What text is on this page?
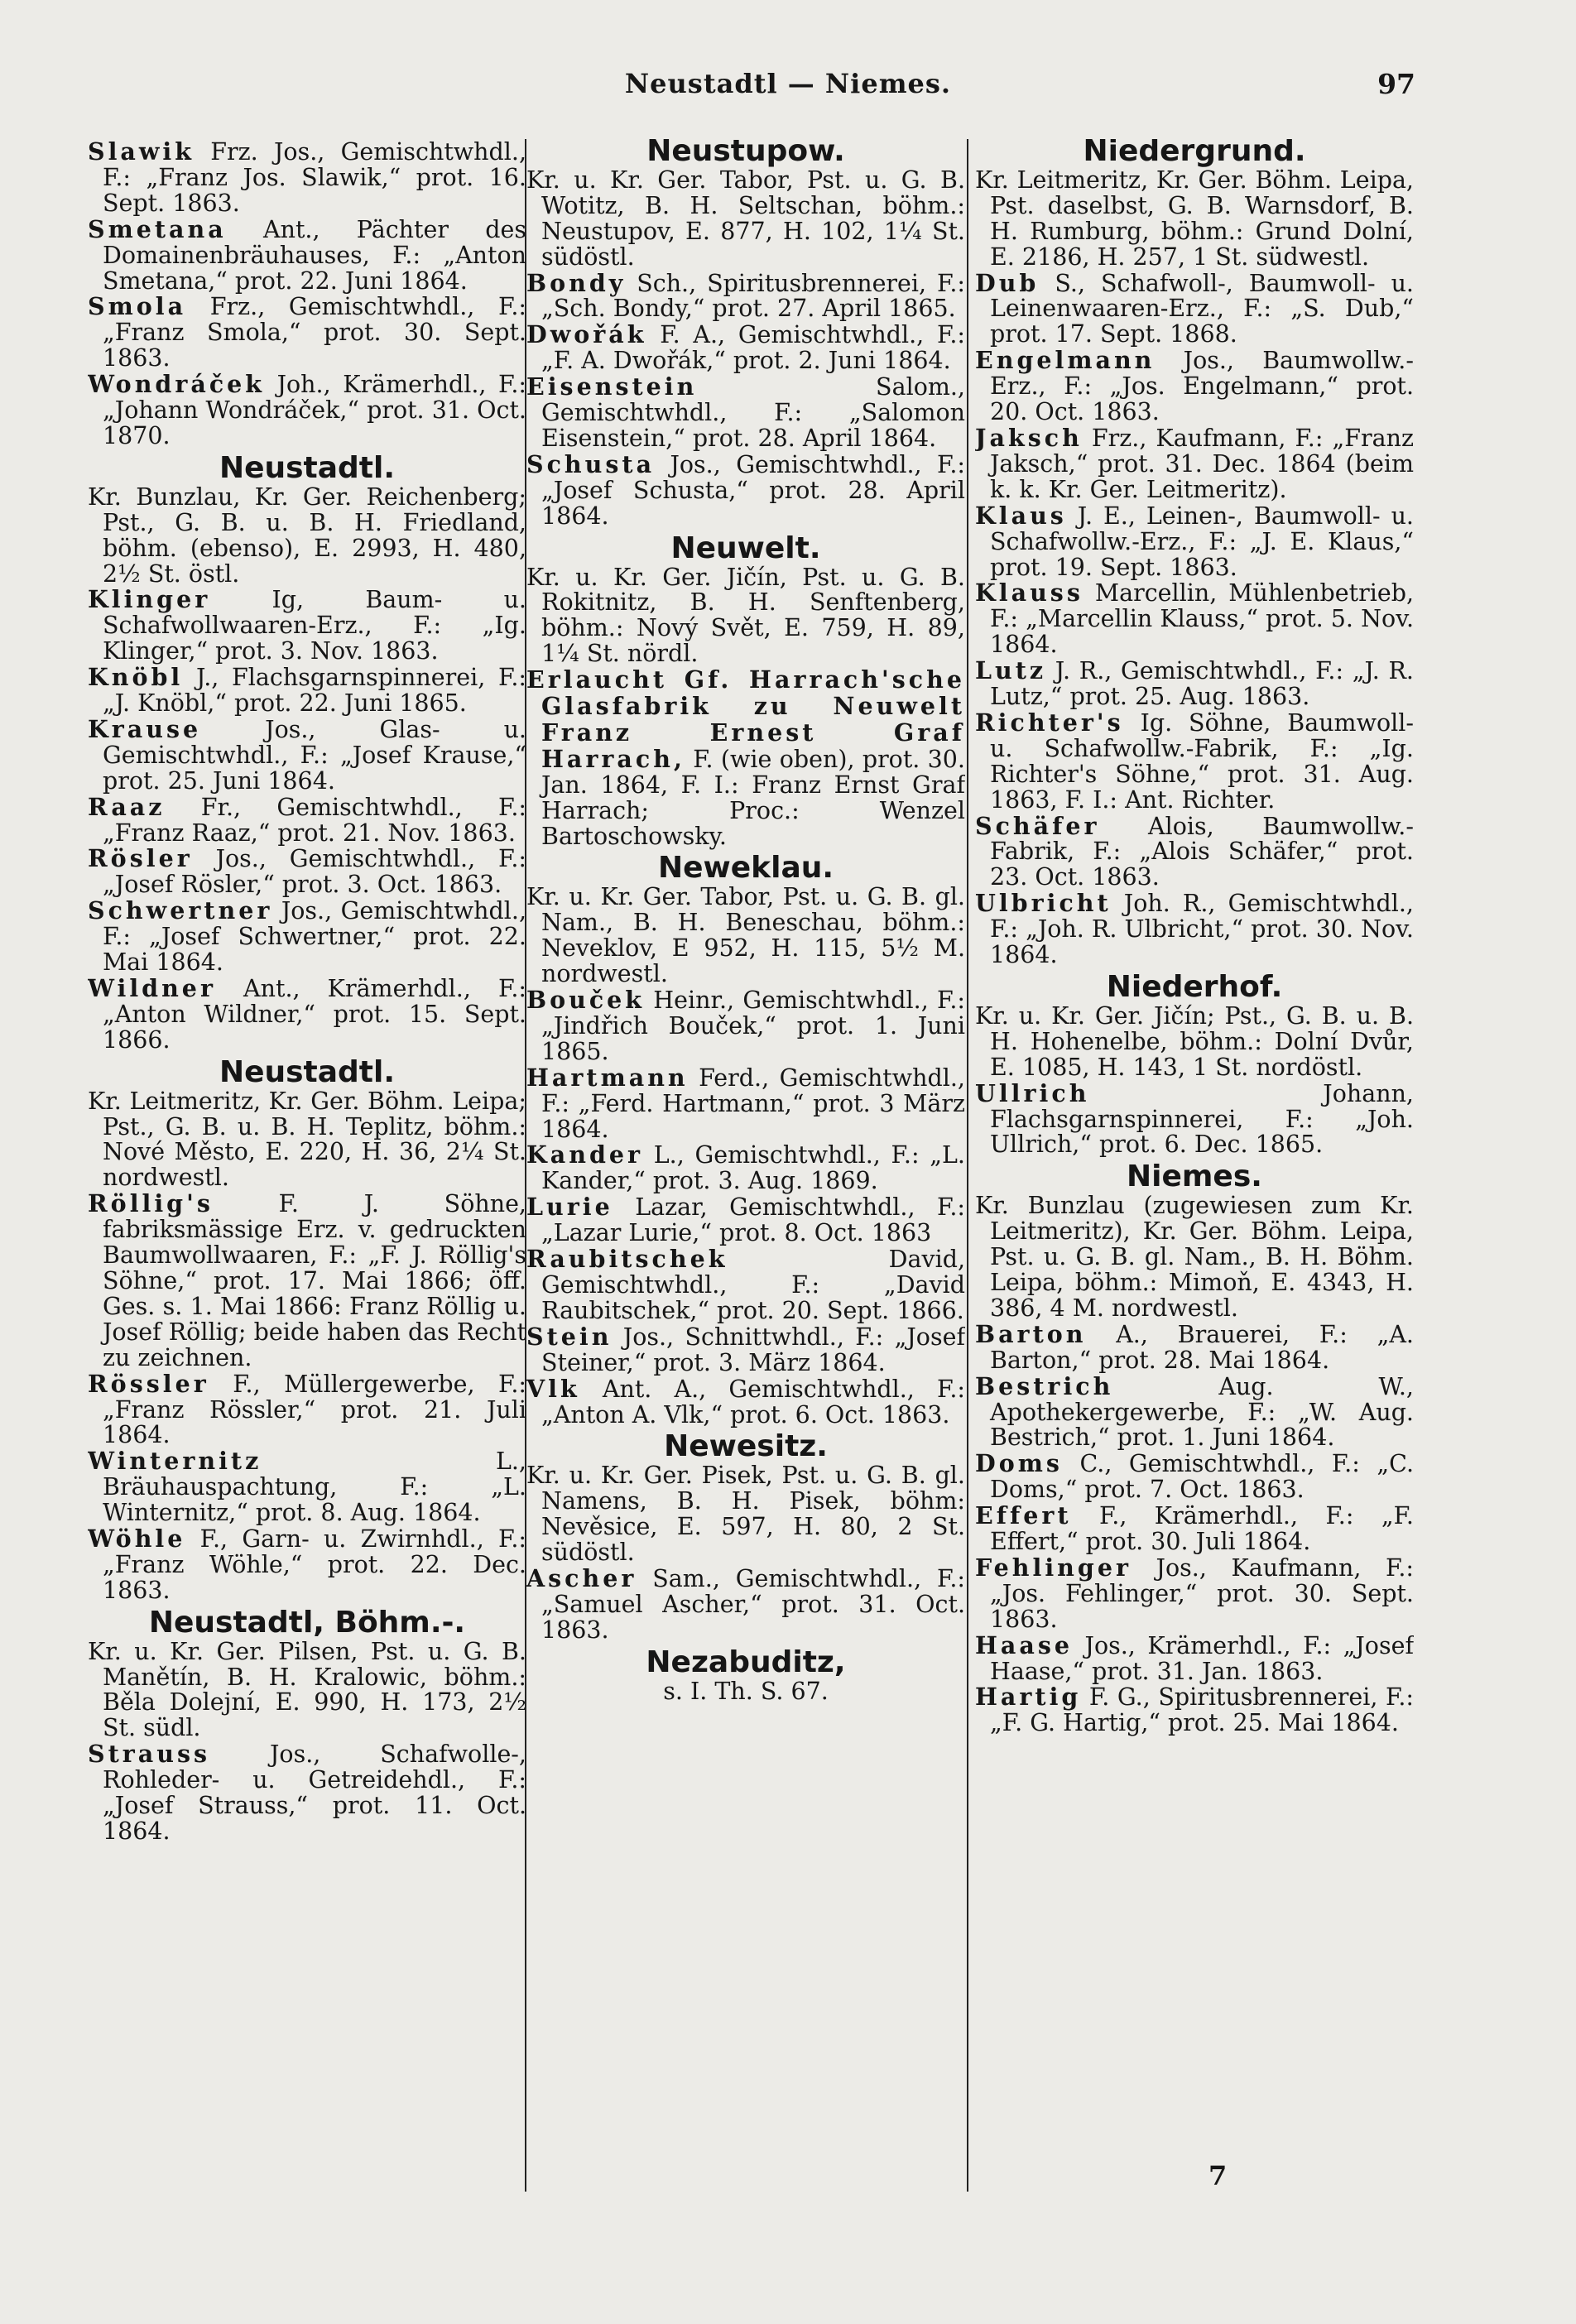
Neustadtl — Niemes.	97

Slawik Frz. Jos., Gemischtwhdl., F.: „Franz Jos. Slawik,“ prot. 16. Sept. 1863.

Smetana Ant., Pächter des Domainenbräuhauses, F.: „Anton Smetana,“ prot. 22. Juni 1864.

Smola Frz., Gemischtwhdl., F.: „Franz Smola,“ prot. 30. Sept. 1863.

Wondráček Joh., Krämerhdl., F.: „Johann Wondráček,“ prot. 31. Oct. 1870.

Neustadtl.

Kr. Bunzlau, Kr. Ger. Reichenberg; Pst., G. B. u. B. H. Friedland, böhm. (ebenso), E. 2993, H. 480, 2½ St. östl.

Klinger Ig, Baum- u. Schafwollwaaren-Erz., F.: „Ig. Klinger,“ prot. 3. Nov. 1863.

Knöbl J., Flachsgarnspinnerei, F.: „J. Knöbl,“ prot. 22. Juni 1865.

Krause Jos., Glas- u. Gemischtwhdl., F.: „Josef Krause,“ prot. 25. Juni 1864.

Raaz Fr., Gemischtwhdl., F.: „Franz Raaz,“ prot. 21. Nov. 1863.

Rösler Jos., Gemischtwhdl., F.: „Josef Rösler,“ prot. 3. Oct. 1863.

Schwertner Jos., Gemischtwhdl., F.: „Josef Schwertner,“ prot. 22. Mai 1864.

Wildner Ant., Krämerhdl., F.: „Anton Wildner,“ prot. 15. Sept. 1866.

Neustadtl.

Kr. Leitmeritz, Kr. Ger. Böhm. Leipa; Pst., G. B. u. B. H. Teplitz, böhm.: Nové Město, E. 220, H. 36, 2¼ St. nordwestl.

Röllig's F. J. Söhne, fabriksmässige Erz. v. gedruckten Baumwollwaaren, F.: „F. J. Röllig's Söhne,“ prot. 17. Mai 1866; öff. Ges. s. 1. Mai 1866: Franz Röllig u. Josef Röllig; beide haben das Recht zu zeichnen.

Rössler F., Müllergewerbe, F.: „Franz Rössler,“ prot. 21. Juli 1864.

Winternitz L., Bräuhauspachtung, F.: „L. Winternitz,“ prot. 8. Aug. 1864.

Wöhle F., Garn- u. Zwirnhdl., F.: „Franz Wöhle,“ prot. 22. Dec. 1863.

Neustadtl, Böhm.-.

Kr. u. Kr. Ger. Pilsen, Pst. u. G. B. Manětín, B. H. Kralowic, böhm.: Běla Dolejní, E. 990, H. 173, 2½ St. südl.

Strauss Jos., Schafwolle-, Rohleder- u. Getreidehdl., F.: „Josef Strauss,“ prot. 11. Oct. 1864.

Neustupow.

Kr. u. Kr. Ger. Tabor, Pst. u. G. B. Wotitz, B. H. Seltschan, böhm.: Neustupov, E. 877, H. 102, 1¼ St. südöstl.

Bondy Sch., Spiritusbrennerei, F.: „Sch. Bondy,“ prot. 27. April 1865.

Dwořák F. A., Gemischtwhdl., F.: „F. A. Dwořák,“ prot. 2. Juni 1864.

Eisenstein Salom., Gemischtwhdl., F.: „Salomon Eisenstein,“ prot. 28. April 1864.

Schusta Jos., Gemischtwhdl., F.: „Josef Schusta,“ prot. 28. April 1864.

Neuwelt.

Kr. u. Kr. Ger. Jičín, Pst. u. G. B. Rokitnitz, B. H. Senftenberg, böhm.: Nový Svět, E. 759, H. 89, 1¼ St. nördl.

Erlaucht Gf. Harrach'sche Glasfabrik zu Neuwelt Franz Ernest Graf Harrach, F. (wie oben), prot. 30. Jan. 1864, F. I.: Franz Ernst Graf Harrach; Proc.: Wenzel Bartoschowsky.

Neweklau.

Kr. u. Kr. Ger. Tabor, Pst. u. G. B. gl. Nam., B. H. Beneschau, böhm.: Neveklov, E 952, H. 115, 5½ M. nordwestl.

Bouček Heinr., Gemischtwhdl., F.: „Jindřich Bouček,“ prot. 1. Juni 1865.

Hartmann Ferd., Gemischtwhdl., F.: „Ferd. Hartmann,“ prot. 3 März 1864.

Kander L., Gemischtwhdl., F.: „L. Kander,“ prot. 3. Aug. 1869.

Lurie Lazar, Gemischtwhdl., F.: „Lazar Lurie,“ prot. 8. Oct. 1863

Raubitschek David, Gemischtwhdl., F.: „David Raubitschek,“ prot. 20. Sept. 1866.

Stein Jos., Schnittwhdl., F.: „Josef Steiner,“ prot. 3. März 1864.

Vlk Ant. A., Gemischtwhdl., F.: „Anton A. Vlk,“ prot. 6. Oct. 1863.

Newesitz.

Kr. u. Kr. Ger. Pisek, Pst. u. G. B. gl. Namens, B. H. Pisek, böhm: Nevěsice, E. 597, H. 80, 2 St. südöstl.

Ascher Sam., Gemischtwhdl., F.: „Samuel Ascher,“ prot. 31. Oct. 1863.

Nezabuditz,

s. I. Th. S. 67.

Niedergrund.

Kr. Leitmeritz, Kr. Ger. Böhm. Leipa, Pst. daselbst, G. B. Warnsdorf, B. H. Rumburg, böhm.: Grund Dolní, E. 2186, H. 257, 1 St. südwestl.

Dub S., Schafwoll-, Baumwoll- u. Leinenwaaren-Erz., F.: „S. Dub,“ prot. 17. Sept. 1868.

Engelmann Jos., Baumwollw.-Erz., F.: „Jos. Engelmann,“ prot. 20. Oct. 1863.

Jaksch Frz., Kaufmann, F.: „Franz Jaksch,“ prot. 31. Dec. 1864 (beim k. k. Kr. Ger. Leitmeritz).

Klaus J. E., Leinen-, Baumwoll- u. Schafwollw.-Erz., F.: „J. E. Klaus,“ prot. 19. Sept. 1863.

Klauss Marcellin, Mühlenbetrieb, F.: „Marcellin Klauss,“ prot. 5. Nov. 1864.

Lutz J. R., Gemischtwhdl., F.: „J. R. Lutz,“ prot. 25. Aug. 1863.

Richter's Ig. Söhne, Baumwoll- u. Schafwollw.-Fabrik, F.: „Ig. Richter's Söhne,“ prot. 31. Aug. 1863, F. I.: Ant. Richter.

Schäfer Alois, Baumwollw.-Fabrik, F.: „Alois Schäfer,“ prot. 23. Oct. 1863.

Ulbricht Joh. R., Gemischtwhdl., F.: „Joh. R. Ulbricht,“ prot. 30. Nov. 1864.

Niederhof.

Kr. u. Kr. Ger. Jičín; Pst., G. B. u. B. H. Hohenelbe, böhm.: Dolní Dvůr, E. 1085, H. 143, 1 St. nordöstl.

Ullrich Johann, Flachsgarnspinnerei, F.: „Joh. Ullrich,“ prot. 6. Dec. 1865.

Niemes.

Kr. Bunzlau (zugewiesen zum Kr. Leitmeritz), Kr. Ger. Böhm. Leipa, Pst. u. G. B. gl. Nam., B. H. Böhm. Leipa, böhm.: Mimoň, E. 4343, H. 386, 4 M. nordwestl.

Barton A., Brauerei, F.: „A. Barton,“ prot. 28. Mai 1864.

Bestrich Aug. W., Apothekergewerbe, F.: „W. Aug. Bestrich,“ prot. 1. Juni 1864.

Doms C., Gemischtwhdl., F.: „C. Doms,“ prot. 7. Oct. 1863.

Effert F., Krämerhdl., F.: „F. Effert,“ prot. 30. Juli 1864.

Fehlinger Jos., Kaufmann, F.: „Jos. Fehlinger,“ prot. 30. Sept. 1863.

Haase Jos., Krämerhdl., F.: „Josef Haase,“ prot. 31. Jan. 1863.

Hartig F. G., Spiritusbrennerei, F.: „F. G. Hartig,“ prot. 25. Mai 1864.

7
